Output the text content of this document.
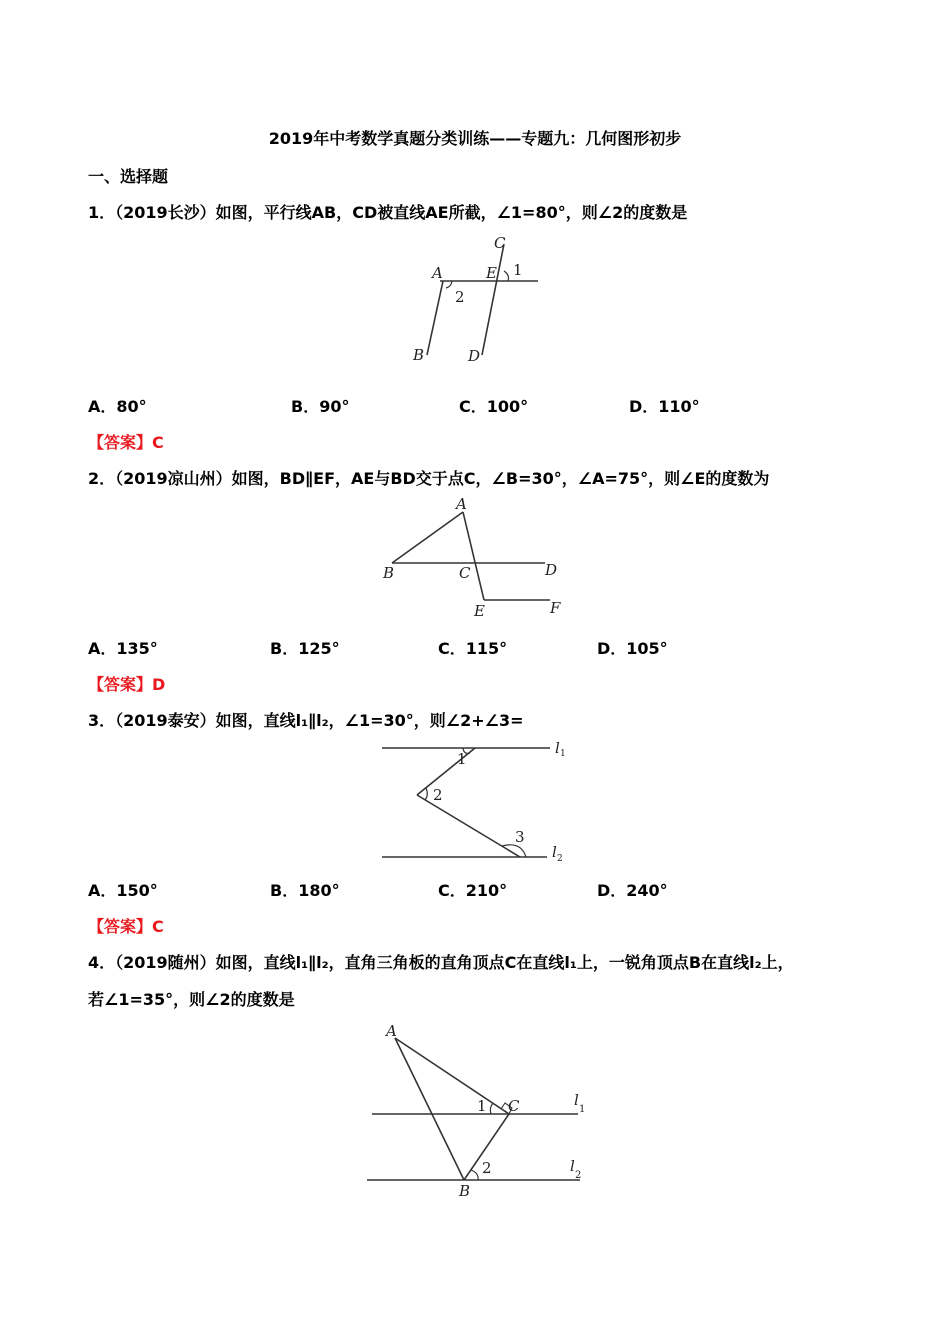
2019年中考数学真题分类训练——专题九：几何图形初步
一、选择题
1．（2019长沙）如图，平行线AB，CD被直线AE所截，∠1=80°，则∠2的度数是
A	E
C
1
2
B	D
A．80°	B．90°	C．100°	D．110°
【答案】C
2．（2019凉山州）如图，BD∥EF，AE与BD交于点C，∠B=30°，∠A=75°，则∠E的度数为
A
B	C	D
E	F
A．135°	B．125°	C．115°	D．105°
【答案】D
3．（2019泰安）如图，直线l₁∥l₂，∠1=30°，则∠2+∠3=
1
2
3
l 1
l 2
A．150°	B．180°	C．210°	D．240°
【答案】C
4．（2019随州）如图，直线l₁∥l₂，直角三角板的直角顶点C在直线l₁上，一锐角顶点B在直线l₂上，
若∠1=35°，则∠2的度数是
A
C
1
2
B
l
1
l
2
